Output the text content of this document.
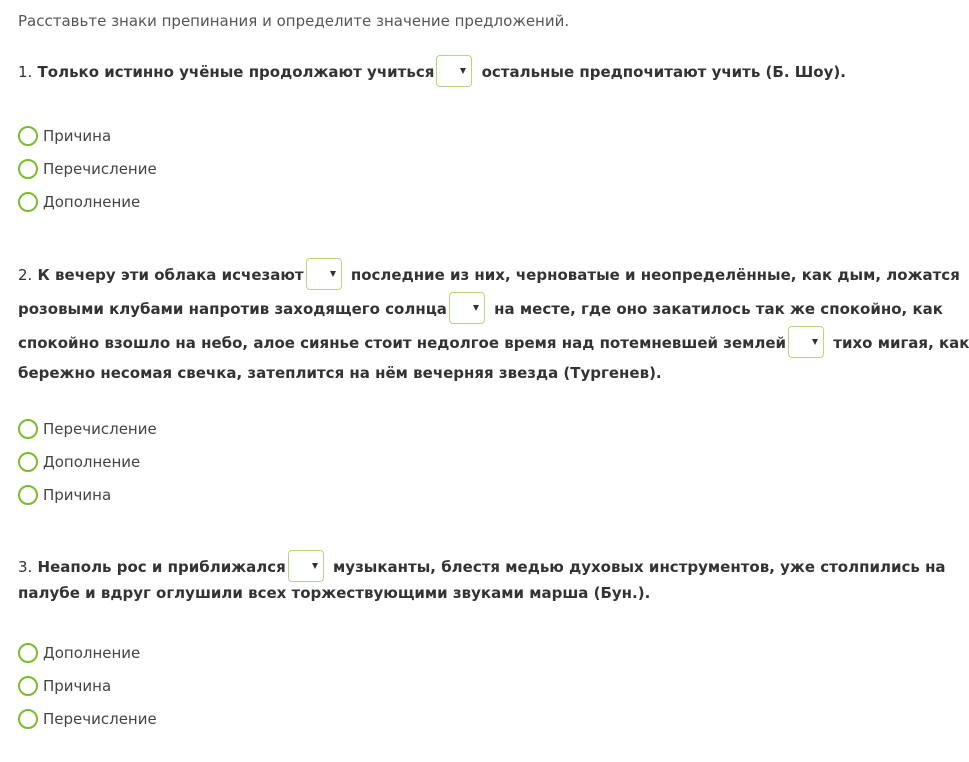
Расставьте знаки препинания и определите значение предложений.
1. Только истинно учёные продолжают учиться	остальные предпочитают учить (Б. Шоу).
Причина
Перечисление
Дополнение
2. К вечеру эти облака исчезают	последние из них, черноватые и неопределённые, как дым, ложатся
розовыми клубами напротив заходящего солнца	на месте, где оно закатилось так же спокойно, как
спокойно взошло на небо, алое сиянье стоит недолгое время над потемневшей землей	тихо мигая, как
бережно несомая свечка, затеплится на нём вечерняя звезда (Тургенев).
Перечисление
Дополнение
Причина
3. Неаполь рос и приближался	музыканты, блестя медью духовых инструментов, уже столпились на
палубе и вдруг оглушили всех торжествующими звуками марша (Бун.).
Дополнение
Причина
Перечисление
